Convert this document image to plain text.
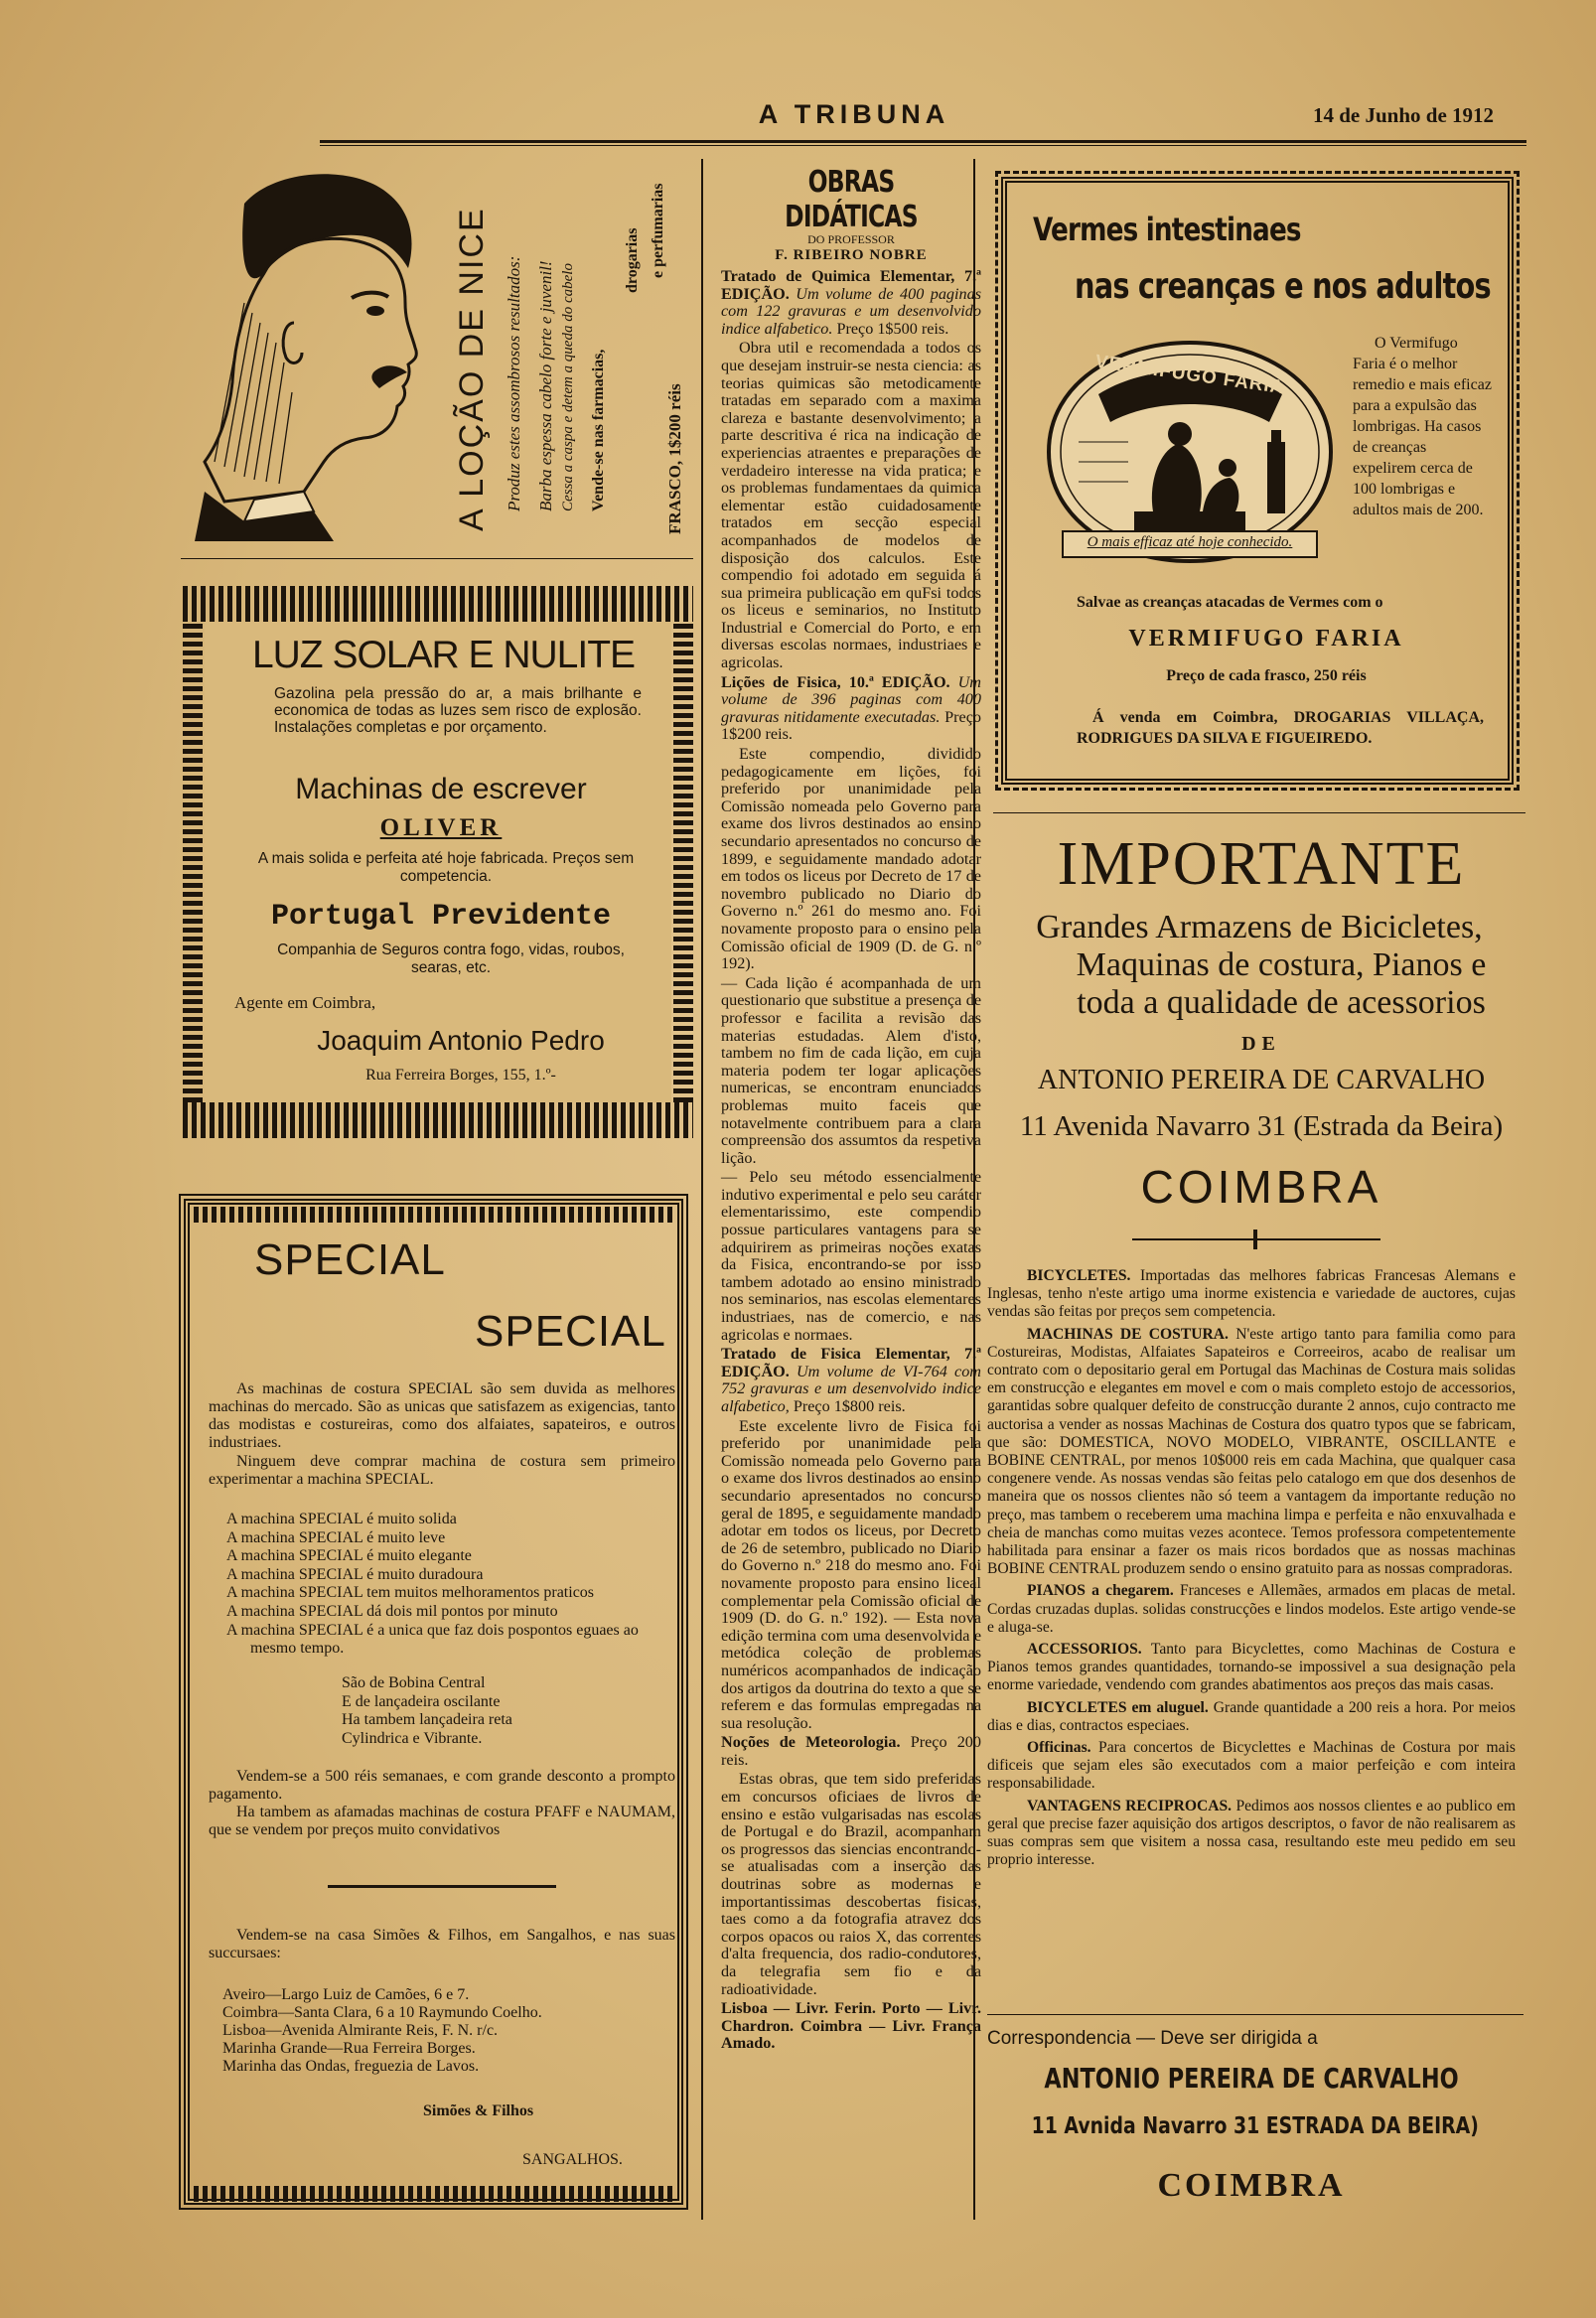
A TRIBUNA	14 de Junho de 1912
A LOÇÃO DE NICE Produz estes assombrosos resultados: Barba espessa cabelo forte e juvenil! Cessa a caspa e detem a queda do cabelo Vende-se nas farmacias,
drogarias e perfumarias
FRASCO, 1$200 réis
LUZ SOLAR E NULITE
Gazolina pela pressão do ar, a mais brilhante e economica de todas as luzes sem risco de explosão. Instalações completas e por orçamento.
Machinas de escrever
OLIVER
A mais solida e perfeita até hoje fabricada. Preços sem competencia.
Portugal Previdente
Companhia de Seguros contra fogo, vidas, roubos, searas, etc.
Agente em Coimbra,
Joaquim Antonio Pedro
Rua Ferreira Borges, 155, 1.º-
SPECIAL
SPECIAL
As machinas de costura SPECIAL são sem duvida as melhores machinas do mercado. São as unicas que satisfazem as exigencias, tanto das modistas e costureiras, como dos alfaiates, sapateiros, e outros industriaes.
Ninguem deve comprar machina de costura sem primeiro experimentar a machina SPECIAL.

A machina SPECIAL é muito solida

A machina SPECIAL é muito leve

A machina SPECIAL é muito elegante

A machina SPECIAL é muito duradoura

A machina SPECIAL tem muitos melhoramentos praticos

A machina SPECIAL dá dois mil pontos por minuto

A machina SPECIAL é a unica que faz dois pospontos eguaes ao mesmo tempo.

São de Bobina Central

E de lançadeira oscilante

Ha tambem lançadeira reta

Cylindrica e Vibrante.

Vendem-se a 500 réis semanaes, e com grande desconto a prompto pagamento.
Ha tambem as afamadas machinas de costura PFAFF e NAUMAM, que se vendem por preços muito convidativos
Vendem-se na casa Simões & Filhos, em Sangalhos, e nas suas succursaes:

Aveiro—Largo Luiz de Camões, 6 e 7.

Coimbra—Santa Clara, 6 a 10 Raymundo Coelho.

Lisboa—Avenida Almirante Reis, F. N. r/c.

Marinha Grande—Rua Ferreira Borges.

Marinha das Ondas, freguezia de Lavos.

Simões & Filhos
SANGALHOS.
OBRAS DIDÁTICAS
DO PROFESSOR
F. RIBEIRO NOBRE

Tratado de Quimica Elementar, 7.ª EDIÇÃO. Um volume de 400 paginas com 122 gravuras e um desenvolvido indice alfabetico. Preço 1$500 reis.

Obra util e recomendada a todos os que desejam instruir-se nesta ciencia: as teorias quimicas são metodicamente tratadas em separado com a maxima clareza e bastante desenvolvimento; a parte descritiva é rica na indicação de experiencias atraentes e preparações de verdadeiro interesse na vida pratica; e os problemas fundamentaes da quimica elementar estão cuidadosamente tratados em secção especial acompanhados de modelos de disposição dos calculos. Este compendio foi adotado em seguida á sua primeira publicação em quFsi todos os liceus e seminarios, no Instituto Industrial e Comercial do Porto, e em diversas escolas normaes, industriaes e agricolas.

Lições de Fisica, 10.ª EDIÇÃO. Um volume de 396 paginas com 400 gravuras nitidamente executadas. Preço 1$200 reis.

Este compendio, dividido pedagogicamente em lições, foi preferido por unanimidade pela Comissão nomeada pelo Governo para exame dos livros destinados ao ensino secundario apresentados no concurso de 1899, e seguidamente mandado adotar em todos os liceus por Decreto de 17 de novembro publicado no Diario do Governo n.º 261 do mesmo ano. Foi novamente proposto para o ensino pela Comissão oficial de 1909 (D. de G. n.º 192).

— Cada lição é acompanhada de um questionario que substitue a presença de professor e facilita a revisão das materias estudadas. Alem d'isto, tambem no fim de cada lição, em cuja materia podem ter logar aplicações numericas, se encontram enunciados problemas muito faceis que notavelmente contribuem para a clara compreensão dos assumtos da respetiva lição.

— Pelo seu método essencialmente indutivo experimental e pelo seu caráter elementarissimo, este compendio possue particulares vantagens para se adquirirem as primeiras noções exatas da Fisica, encontrando-se por isso tambem adotado ao ensino ministrado nos seminarios, nas escolas elementares industriaes, nas de comercio, e nas agricolas e normaes.

Tratado de Fisica Elementar, 7.ª EDIÇÃO. Um volume de VI-764 com 752 gravuras e um desenvolvido indice alfabetico, Preço 1$800 reis.

Este excelente livro de Fisica foi preferido por unanimidade pela Comissão nomeada pelo Governo para o exame dos livros destinados ao ensino secundario apresentados no concurso geral de 1895, e seguidamente mandado adotar em todos os liceus, por Decreto de 26 de setembro, publicado no Diario do Governo n.º 218 do mesmo ano. Foi novamente proposto para ensino liceal complementar pela Comissão oficial de 1909 (D. do G. n.º 192). — Esta nova edição termina com uma desenvolvida e metódica coleção de problemas numéricos acompanhados de indicação dos artigos da doutrina do texto a que se referem e das formulas empregadas na sua resolução.

Noções de Meteorologia. Preço 200 reis.

Estas obras, que tem sido preferidas em concursos oficiaes de livros de ensino e estão vulgarisadas nas escolas de Portugal e do Brazil, acompanham os progressos das siencias encontrando-se atualisadas com a inserção das doutrinas sobre as modernas e importantissimas descobertas fisicas, taes como a da fotografia atravez dos corpos opacos ou raios X, das correntes d'alta frequencia, dos radio-condutores, da telegrafia sem fio e da radioatividade.

Lisboa — Livr. Ferin. Porto — Livr. Chardron. Coimbra — Livr. França Amado.

Vermes intestinaes
nas creanças e nos adultos
VERMIFUGO FARIA
O mais efficaz até hoje conhecido.
O Vermifugo Faria é o melhor remedio e mais eficaz para a expulsão das lombrigas. Ha casos de creanças expelirem cerca de 100 lombrigas e adultos mais de 200.
Salvae as creanças atacadas de Vermes com o
VERMIFUGO FARIA
Preço de cada frasco, 250 réis
Á venda em Coimbra, DROGARIAS VILLAÇA, RODRIGUES DA SILVA E FIGUEIREDO.
IMPORTANTE
Grandes Armazens de Bicicletes,
Maquinas de costura, Pianos e
toda a qualidade de acessorios
DE
ANTONIO PEREIRA DE CARVALHO
11 Avenida Navarro 31 (Estrada da Beira)
COIMBRA

BICYCLETES. Importadas das melhores fabricas Francesas Alemans e Inglesas, tenho n'este artigo uma inorme existencia e variedade de auctores, cujas vendas são feitas por preços sem competencia.

MACHINAS DE COSTURA. N'este artigo tanto para familia como para Costureiras, Modistas, Alfaiates Sapateiros e Correeiros, acabo de realisar um contrato com o depositario geral em Portugal das Machinas de Costura mais solidas em construcção e elegantes em movel e com o mais completo estojo de accessorios, garantidas sobre qualquer defeito de construcção durante 2 annos, cujo contracto me auctorisa a vender as nossas Machinas de Costura dos quatro typos que se fabricam, que são: DOMESTICA, NOVO MODELO, VIBRANTE, OSCILLANTE e BOBINE CENTRAL, por menos 10$000 reis em cada Machina, que qualquer casa congenere vende. As nossas vendas são feitas pelo catalogo em que dos desenhos de maneira que os nossos clientes não só teem a vantagem da importante redução no preço, mas tambem o receberem uma machina limpa e perfeita e não enxuvalhada e cheia de manchas como muitas vezes acontece. Temos professora competentemente habilitada para ensinar a fazer os mais ricos bordados que as nossas machinas BOBINE CENTRAL produzem sendo o ensino gratuito para as nossas compradoras.

PIANOS a chegarem. Franceses e Allemães, armados em placas de metal. Cordas cruzadas duplas. solidas construcções e lindos modelos. Este artigo vende-se e aluga-se.

ACCESSORIOS. Tanto para Bicyclettes, como Machinas de Costura e Pianos temos grandes quantidades, tornando-se impossivel a sua designação pela enorme variedade, vendendo com grandes abatimentos aos preços das mais casas.

BICYCLETES em aluguel. Grande quantidade a 200 reis a hora. Por meios dias e dias, contractos especiaes.

Officinas. Para concertos de Bicyclettes e Machinas de Costura por mais dificeis que sejam eles são executados com a maior perfeição e com inteira responsabilidade.

VANTAGENS RECIPROCAS. Pedimos aos nossos clientes e ao publico em geral que precise fazer aquisição dos artigos descriptos, o favor de não realisarem as suas compras sem que visitem a nossa casa, resultando este meu pedido em seu proprio interesse.

Correspondencia — Deve ser dirigida a
ANTONIO PEREIRA DE CARVALHO
11 Avnida Navarro 31 ESTRADA DA BEIRA)
COIMBRA
